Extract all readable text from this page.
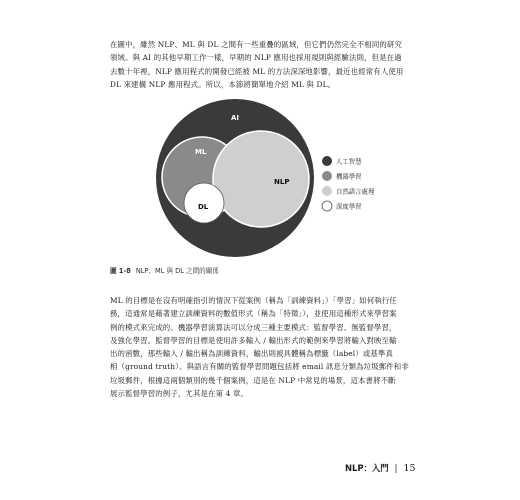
在圖中，雖然 NLP、ML 與 DL 之間有一些重疊的區域，但它們仍然完全不相同的研究
領域。與 AI 的其他早期工作一樣，早期的 NLP 應用也採用規則與經驗法則，但是在過
去數十年裡，NLP 應用程式的開發已經被 ML 的方法深深地影響，最近也經常有人使用
DL 來建構 NLP 應用程式。所以，本節將簡單地介紹 ML 與 DL。
AI
ML
NLP
DL
人工智慧
機器學習
自然語言處理
深度學習
圖 1-8 NLP、ML 與 DL 之間的關係
ML 的目標是在沒有明確指引的情況下從案例（稱為「訓練資料」）「學習」如何執行任
務，這通常是藉著建立訓練資料的數值形式（稱為「特徵」），並使用這種形式來學習案
例的模式來完成的。機器學習演算法可以分成三種主要模式：監督學習、無監督學習，
及強化學習。監督學習的目標是使用許多輸入 / 輸出形式的範例來學習將輸入對映至輸
出的函數，那些輸入 / 輸出稱為訓練資料，輸出則被具體稱為標籤（label）或基準真
相（ground truth）。與語言有關的監督學習問題包括將 email 訊息分類為垃圾郵件和非
垃圾郵件，根據這兩個類別的幾千個案例，這是在 NLP 中常見的場景，這本書將不斷
展示監督學習的例子，尤其是在第 4 章。
NLP：入門 | 15
